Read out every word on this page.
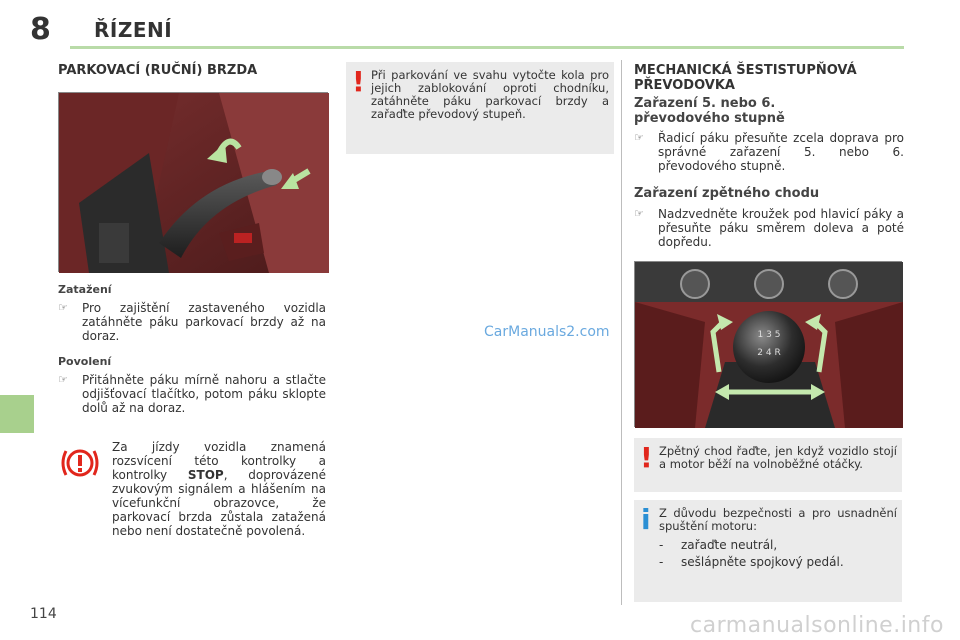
8 ŘÍZENÍ
114
PARKOVACÍ (RUČNÍ) BRZDA
Zatažení
☞	Pro zajištění zastaveného vozidla zatáhněte páku parkovací brzdy až na doraz.
Povolení
☞	Přitáhněte páku mírně nahoru a stlačte odjišťovací tlačítko, potom páku sklopte dolů až na doraz.
Za jízdy vozidla znamená rozsvícení této kontrolky a kontrolky STOP, doprovázené zvukovým signálem a hlášením na vícefunkční obrazovce, že parkovací brzda zůstala zatažená nebo není dostatečně povolená.
! Při parkování ve svahu vytočte kola pro jejich zablokování oproti chodníku, zatáhněte páku parkovací brzdy a zařaďte převodový stupeň.
CarManuals2.com
MECHANICKÁ ŠESTISTUPŇOVÁ PŘEVODOVKA
Zařazení 5. nebo 6. převodového stupně
☞	Řadicí páku přesuňte zcela doprava pro správné zařazení 5. nebo 6. převodového stupně.
Zařazení zpětného chodu
☞	Nadzvedněte kroužek pod hlavicí páky a přesuňte páku směrem doleva a poté dopředu.
1 3 5
2 4 R
! Zpětný chod řaďte, jen když vozidlo stojí a motor běží na volnoběžné otáčky.
i Z důvodu bezpečnosti a pro usnadnění spuštění motoru:
- zařaďte neutrál,
- sešlápněte spojkový pedál.
carmanualsonline.info
